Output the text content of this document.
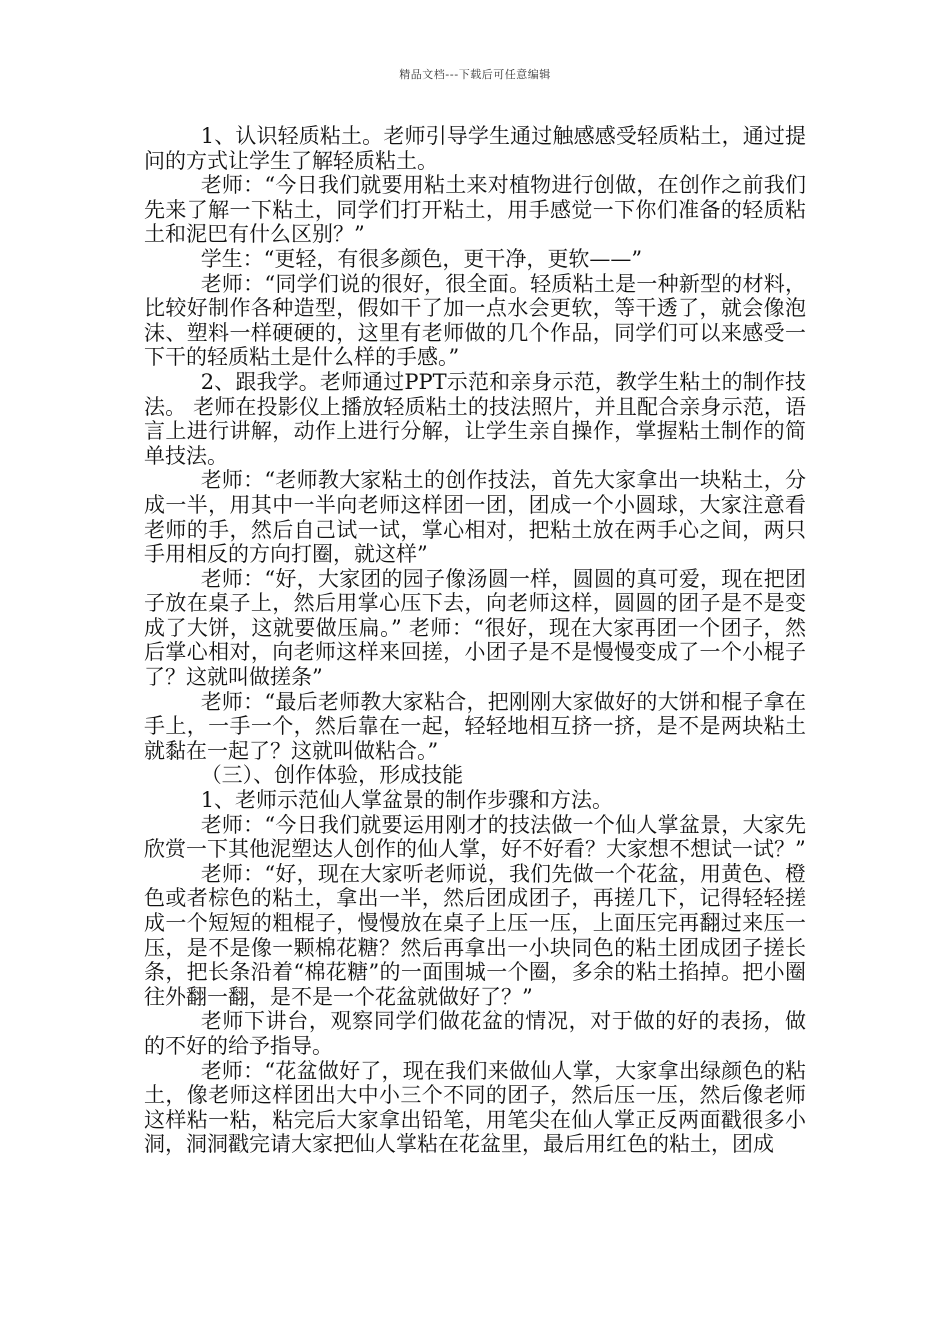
精品文档---下载后可任意编辑

1、认识轻质粘土。老师引导学生通过触感感受轻质粘土，通过提问的方式让学生了解轻质粘土。

老师：“今日我们就要用粘土来对植物进行创做，在创作之前我们先来了解一下粘土，同学们打开粘土，用手感觉一下你们准备的轻质粘土和泥巴有什么区别？”

学生：“更轻，有很多颜色，更干净，更软——”

老师：“同学们说的很好，很全面。轻质粘土是一种新型的材料，比较好制作各种造型，假如干了加一点水会更软，等干透了，就会像泡沫、塑料一样硬硬的，这里有老师做的几个作品，同学们可以来感受一下干的轻质粘土是什么样的手感。”

2、跟我学。老师通过PPT示范和亲身示范，教学生粘土的制作技法。 老师在投影仪上播放轻质粘土的技法照片，并且配合亲身示范，语言上进行讲解，动作上进行分解，让学生亲自操作，掌握粘土制作的简单技法。

老师：“老师教大家粘土的创作技法，首先大家拿出一块粘土，分成一半，用其中一半向老师这样团一团，团成一个小圆球，大家注意看老师的手，然后自己试一试，掌心相对，把粘土放在两手心之间，两只手用相反的方向打圈，就这样”

老师：“好，大家团的园子像汤圆一样，圆圆的真可爱，现在把团子放在桌子上，然后用掌心压下去，向老师这样，圆圆的团子是不是变成了大饼，这就要做压扁。” 老师：“很好，现在大家再团一个团子，然后掌心相对，向老师这样来回搓，小团子是不是慢慢变成了一个小棍子了？这就叫做搓条”

老师：“最后老师教大家粘合，把刚刚大家做好的大饼和棍子拿在手上，一手一个，然后靠在一起，轻轻地相互挤一挤，是不是两块粘土就黏在一起了？这就叫做粘合。”

（三）、创作体验，形成技能

1、老师示范仙人掌盆景的制作步骤和方法。

老师：“今日我们就要运用刚才的技法做一个仙人掌盆景，大家先欣赏一下其他泥塑达人创作的仙人掌，好不好看？大家想不想试一试？”

老师：“好，现在大家听老师说，我们先做一个花盆，用黄色、橙色或者棕色的粘土，拿出一半，然后团成团子，再搓几下，记得轻轻搓成一个短短的粗棍子，慢慢放在桌子上压一压，上面压完再翻过来压一压，是不是像一颗棉花糖？然后再拿出一小块同色的粘土团成团子搓长条，把长条沿着“棉花糖”的一面围城一个圈，多余的粘土掐掉。把小圈往外翻一翻，是不是一个花盆就做好了？”

老师下讲台，观察同学们做花盆的情况，对于做的好的表扬，做的不好的给予指导。

老师：“花盆做好了，现在我们来做仙人掌，大家拿出绿颜色的粘土，像老师这样团出大中小三个不同的团子，然后压一压，然后像老师这样粘一粘，粘完后大家拿出铅笔，用笔尖在仙人掌正反两面戳很多小洞，洞洞戳完请大家把仙人掌粘在花盆里，最后用红色的粘土，团成
